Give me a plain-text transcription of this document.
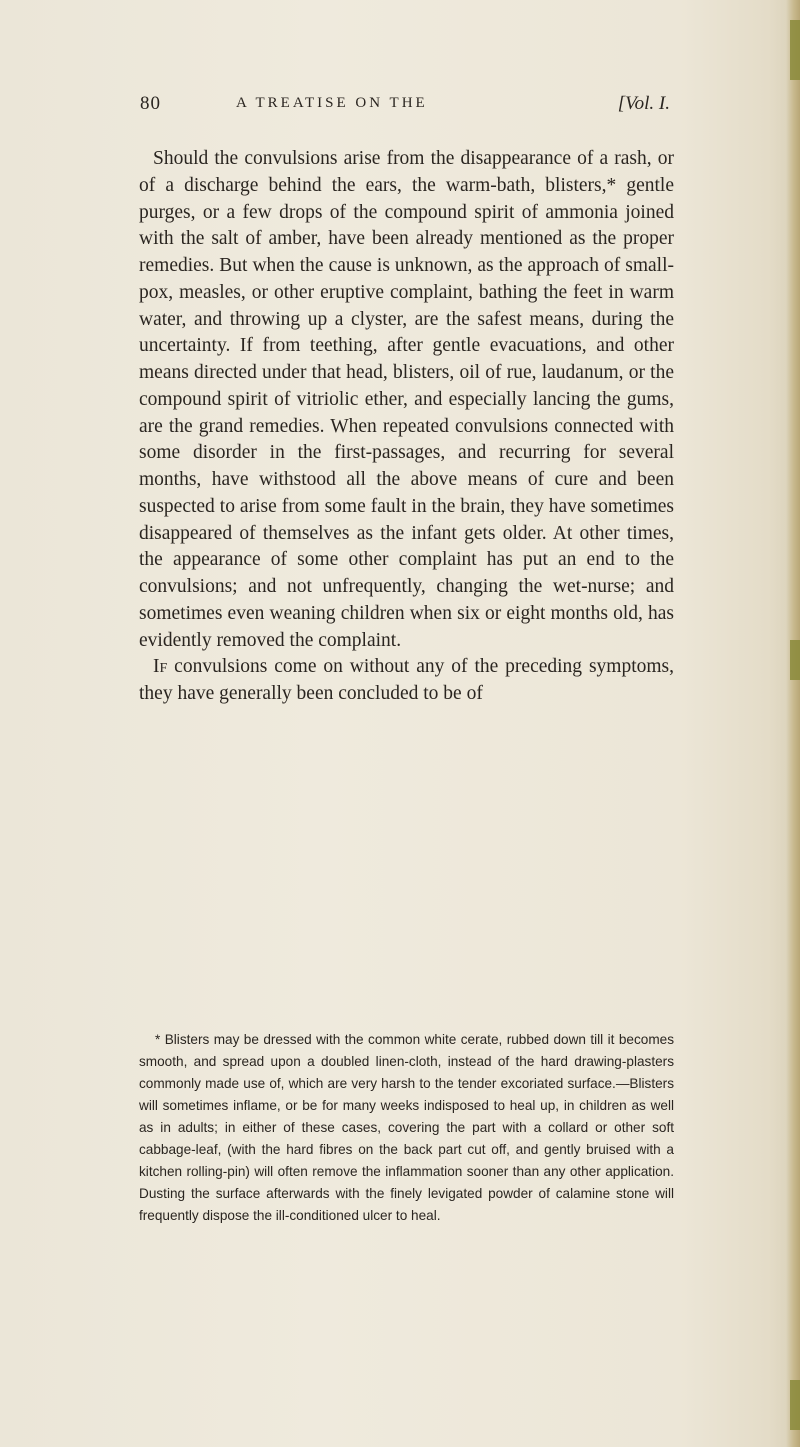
80	A TREATISE ON THE	[Vol. I.

Should the convulsions arise from the disappearance of a rash, or of a discharge behind the ears, the warm-bath, blisters,* gentle purges, or a few drops of the compound spirit of ammonia joined with the salt of amber, have been already mentioned as the proper remedies. But when the cause is unknown, as the approach of small-pox, measles, or other eruptive complaint, bathing the feet in warm water, and throwing up a clyster, are the safest means, during the uncertainty. If from teething, after gentle evacuations, and other means directed under that head, blisters, oil of rue, laudanum, or the compound spirit of vitriolic ether, and especially lancing the gums, are the grand remedies. When repeated convulsions connected with some disorder in the first-passages, and recurring for several months, have withstood all the above means of cure and been suspected to arise from some fault in the brain, they have sometimes disappeared of themselves as the infant gets older. At other times, the appearance of some other complaint has put an end to the convulsions; and not unfrequently, changing the wet-nurse; and sometimes even weaning children when six or eight months old, has evidently removed the complaint.

If convulsions come on without any of the preceding symptoms, they have generally been concluded to be of

* Blisters may be dressed with the common white cerate, rubbed down till it becomes smooth, and spread upon a doubled linen-cloth, instead of the hard drawing-plasters commonly made use of, which are very harsh to the tender excoriated surface.—Blisters will sometimes inflame, or be for many weeks indisposed to heal up, in children as well as in adults; in either of these cases, covering the part with a collard or other soft cabbage-leaf, (with the hard fibres on the back part cut off, and gently bruised with a kitchen rolling-pin) will often remove the inflammation sooner than any other application. Dusting the surface afterwards with the finely levigated powder of calamine stone will frequently dispose the ill-conditioned ulcer to heal.
